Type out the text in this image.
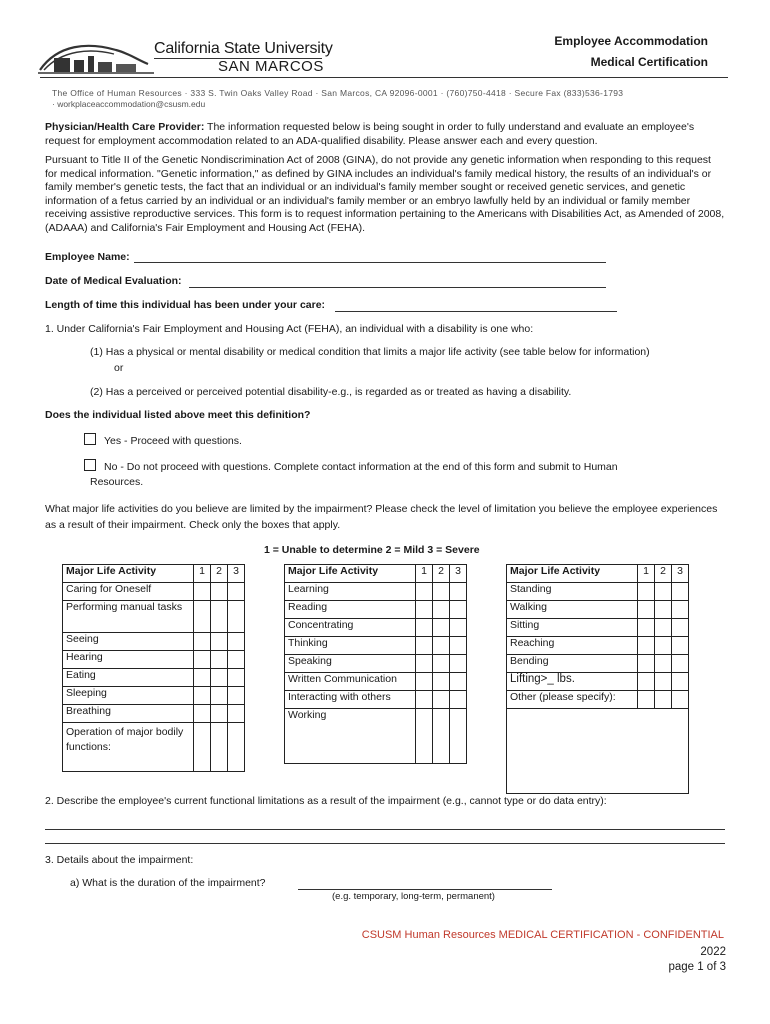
California State University
SAN MARCOS
Employee Accommodation
Medical Certification
The Office of Human Resources · 333 S. Twin Oaks Valley Road · San Marcos, CA 92096-0001 · (760)750-4418 · Secure Fax (833)536-1793
· workplaceaccommodation@csusm.edu
Physician/Health Care Provider: The information requested below is being sought in order to fully understand and evaluate an employee's request for employment accommodation related to an ADA-qualified disability. Please answer each and every question.
Pursuant to Title II of the Genetic Nondiscrimination Act of 2008 (GINA), do not provide any genetic information when responding to this request for medical information. "Genetic information," as defined by GINA includes an individual's family medical history, the results of an individual's or family member's genetic tests, the fact that an individual or an individual's family member sought or received genetic services, and genetic information of a fetus carried by an individual or an individual's family member or an embryo lawfully held by an individual or family member receiving assistive reproductive services. This form is to request information pertaining to the Americans with Disabilities Act, as Amended of 2008, (ADAAA) and California's Fair Employment and Housing Act (FEHA).
Employee Name:
Date of Medical Evaluation:
Length of time this individual has been under your care:
1. Under California's Fair Employment and Housing Act (FEHA), an individual with a disability is one who:
(1) Has a physical or mental disability or medical condition that limits a major life activity (see table below for information)
or
(2) Has a perceived or perceived potential disability-e.g., is regarded as or treated as having a disability.
Does the individual listed above meet this definition?
Yes - Proceed with questions.
No - Do not proceed with questions. Complete contact information at the end of this form and submit to Human
Resources.
What major life activities do you believe are limited by the impairment? Please check the level of limitation you believe the employee experiences as a result of their impairment. Check only the boxes that apply.
1 = Unable to determine 2 = Mild 3 = Severe
Major Life Activity	1	2	3
Caring for Oneself			
Performing manual tasks			
Seeing			
Hearing			
Eating			
Sleeping			
Breathing			
Operation of major bodily functions:			
Major Life Activity	1	2	3
Learning			
Reading			
Concentrating			
Thinking			
Speaking			
Written Communication			
Interacting with others			
Working			
Major Life Activity	1	2	3
Standing			
Walking			
Sitting			
Reaching			
Bending			
Lifting>_ lbs.			
Other (please specify):			

2. Describe the employee's current functional limitations as a result of the impairment (e.g., cannot type or do data entry):
3. Details about the impairment:
a) What is the duration of the impairment?
(e.g. temporary, long-term, permanent)
CSUSM Human Resources MEDICAL CERTIFICATION - CONFIDENTIAL
2022
page 1 of 3
